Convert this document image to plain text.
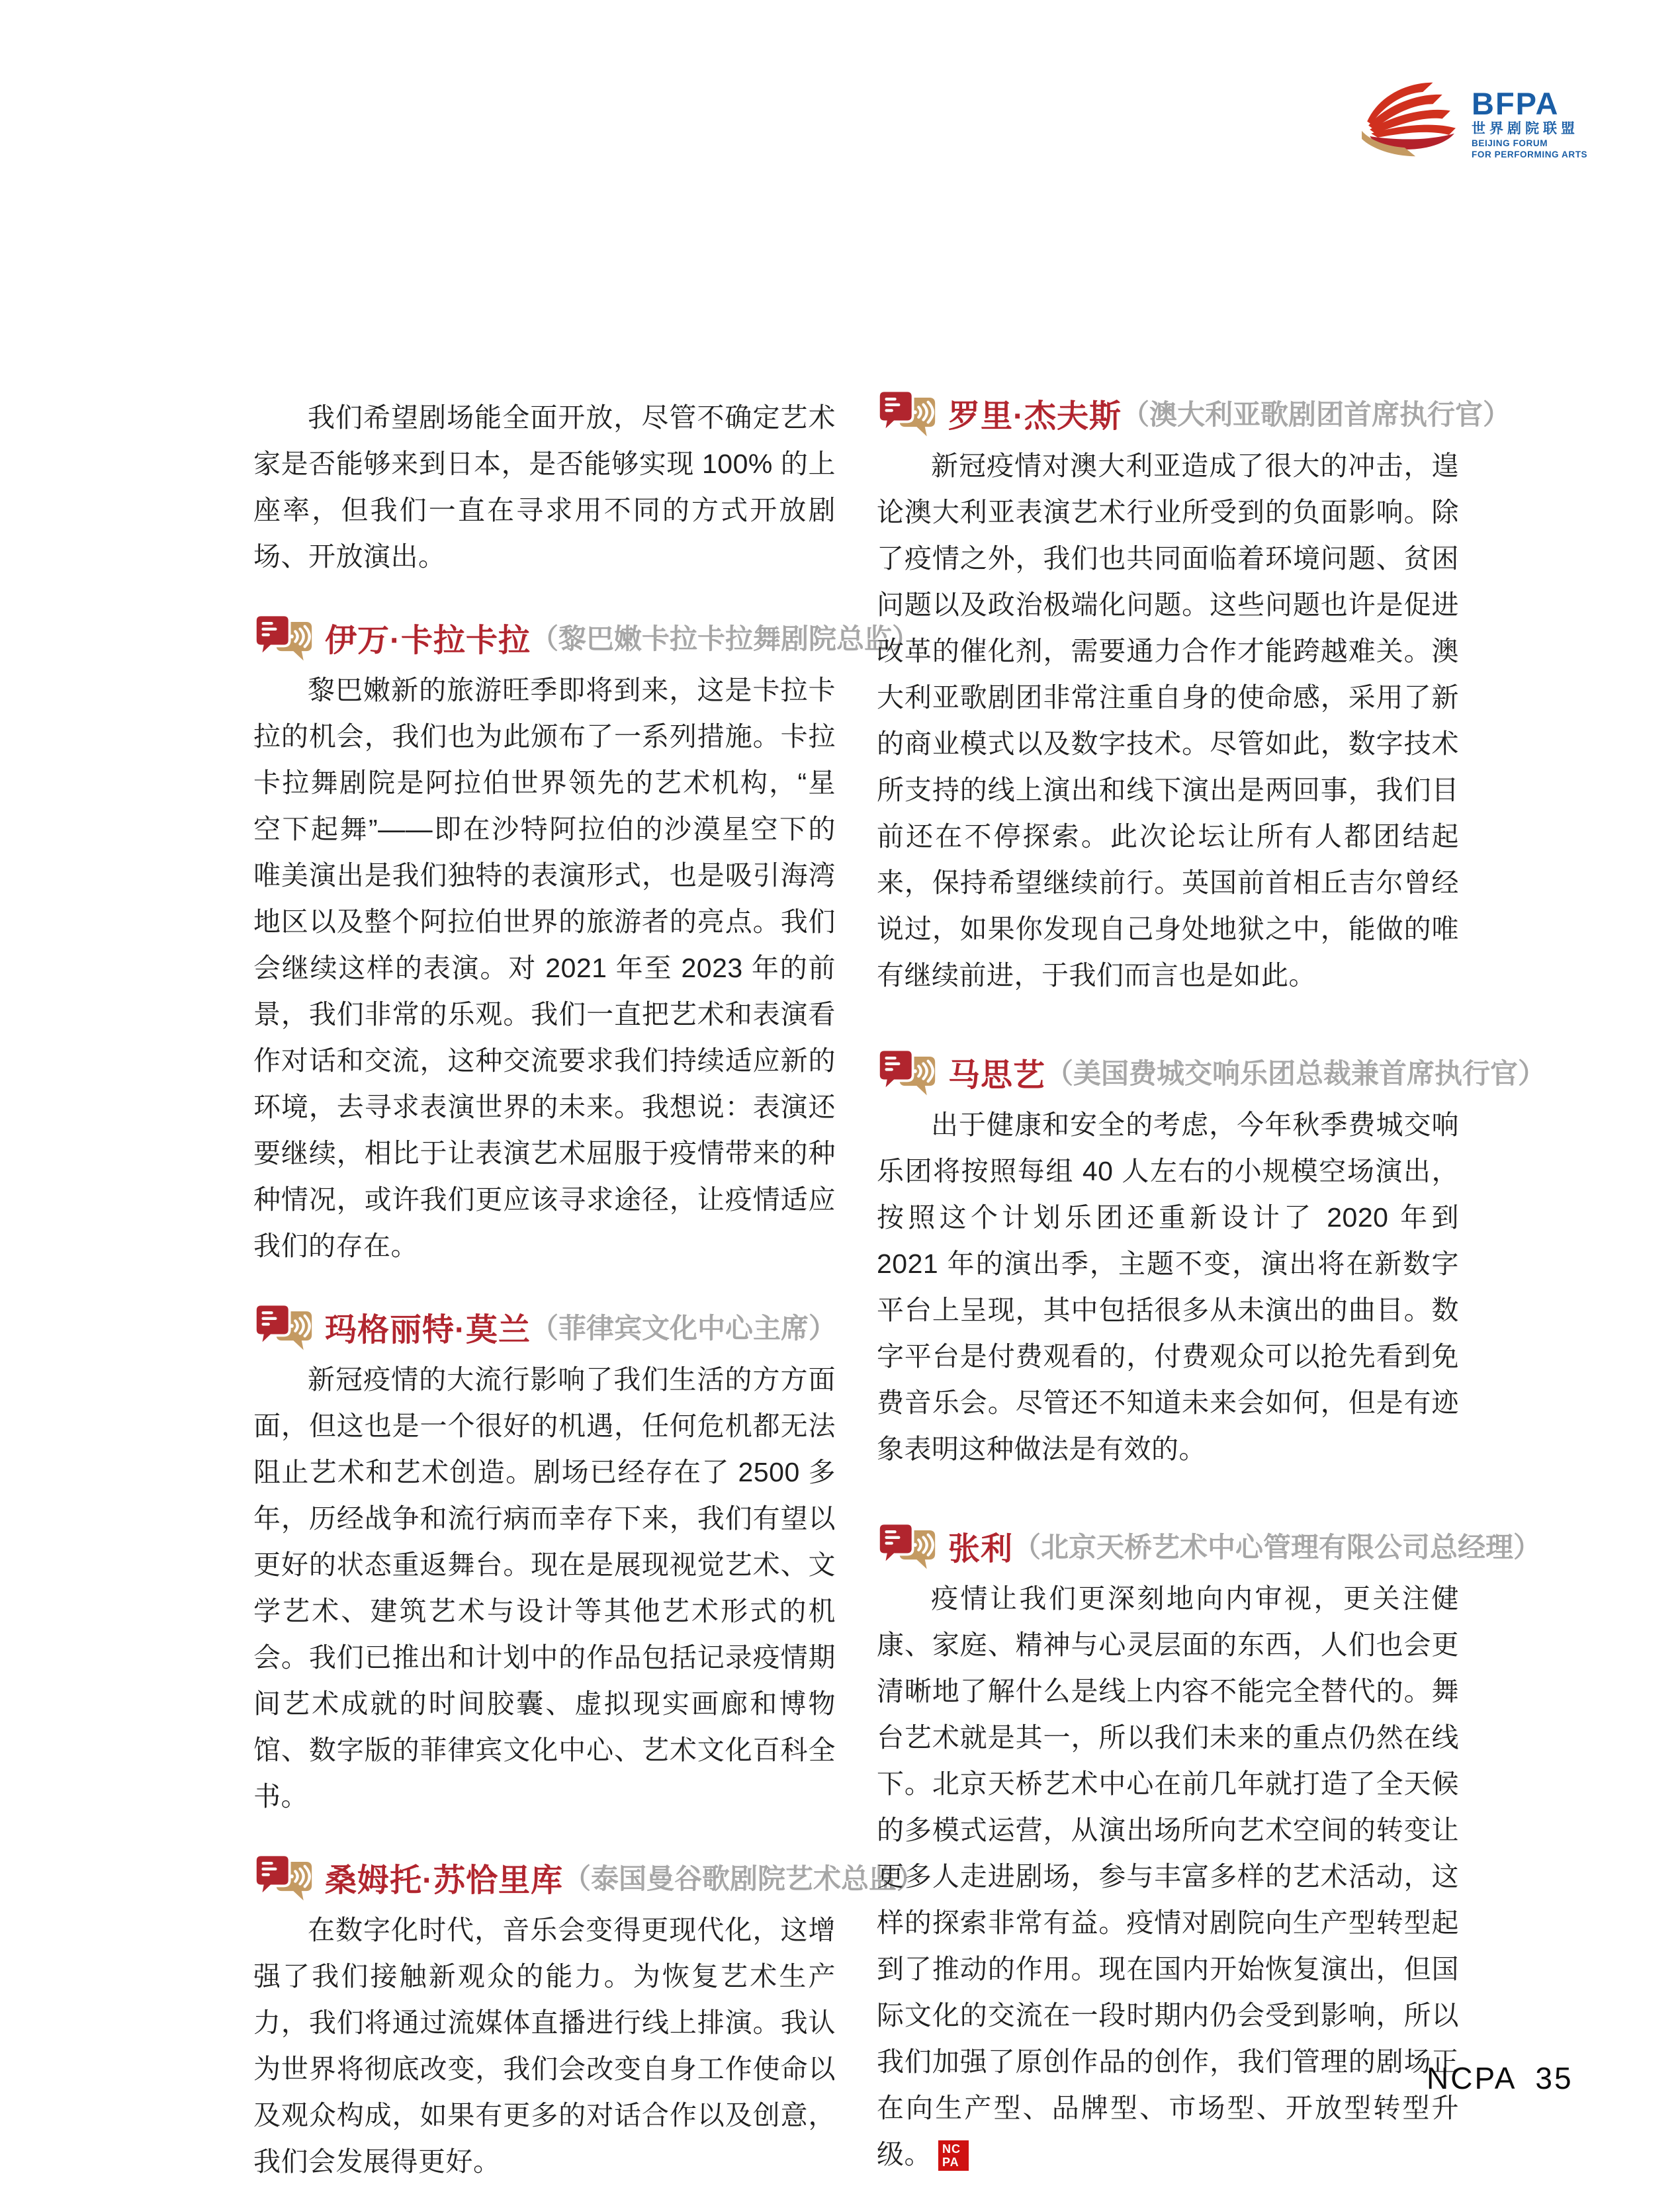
BFPA
世界剧院联盟
BEIJING FORUM
FOR PERFORMING ARTS

我们希望剧场能全面开放，尽管不确定艺术家是否能够来到日本，是否能够实现 100% 的上座率，但我们一直在寻求用不同的方式开放剧场、开放演出。

伊万·卡拉卡拉 （黎巴嫩卡拉卡拉舞剧院总监）

黎巴嫩新的旅游旺季即将到来，这是卡拉卡拉的机会，我们也为此颁布了一系列措施。卡拉卡拉舞剧院是阿拉伯世界领先的艺术机构，“星空下起舞”——即在沙特阿拉伯的沙漠星空下的唯美演出是我们独特的表演形式，也是吸引海湾地区以及整个阿拉伯世界的旅游者的亮点。我们会继续这样的表演。对 2021 年至 2023 年的前景，我们非常的乐观。我们一直把艺术和表演看作对话和交流，这种交流要求我们持续适应新的环境，去寻求表演世界的未来。我想说：表演还要继续，相比于让表演艺术屈服于疫情带来的种种情况，或许我们更应该寻求途径，让疫情适应我们的存在。

玛格丽特·莫兰 （菲律宾文化中心主席）

新冠疫情的大流行影响了我们生活的方方面面，但这也是一个很好的机遇，任何危机都无法阻止艺术和艺术创造。剧场已经存在了 2500 多年，历经战争和流行病而幸存下来，我们有望以更好的状态重返舞台。现在是展现视觉艺术、文学艺术、建筑艺术与设计等其他艺术形式的机会。我们已推出和计划中的作品包括记录疫情期间艺术成就的时间胶囊、虚拟现实画廊和博物馆、数字版的菲律宾文化中心、艺术文化百科全书。

桑姆托·苏恰里库 （泰国曼谷歌剧院艺术总监）

在数字化时代，音乐会变得更现代化，这增强了我们接触新观众的能力。为恢复艺术生产力，我们将通过流媒体直播进行线上排演。我认为世界将彻底改变，我们会改变自身工作使命以及观众构成，如果有更多的对话合作以及创意，我们会发展得更好。

罗里·杰夫斯 （澳大利亚歌剧团首席执行官）

新冠疫情对澳大利亚造成了很大的冲击，遑论澳大利亚表演艺术行业所受到的负面影响。除了疫情之外，我们也共同面临着环境问题、贫困问题以及政治极端化问题。这些问题也许是促进改革的催化剂，需要通力合作才能跨越难关。澳大利亚歌剧团非常注重自身的使命感，采用了新的商业模式以及数字技术。尽管如此，数字技术所支持的线上演出和线下演出是两回事，我们目前还在不停探索。此次论坛让所有人都团结起来，保持希望继续前行。英国前首相丘吉尔曾经说过，如果你发现自己身处地狱之中，能做的唯有继续前进，于我们而言也是如此。

马思艺 （美国费城交响乐团总裁兼首席执行官）

出于健康和安全的考虑，今年秋季费城交响乐团将按照每组 40 人左右的小规模空场演出，按照这个计划乐团还重新设计了 2020 年到 2021 年的演出季，主题不变，演出将在新数字平台上呈现，其中包括很多从未演出的曲目。数字平台是付费观看的，付费观众可以抢先看到免费音乐会。尽管还不知道未来会如何，但是有迹象表明这种做法是有效的。

张利 （北京天桥艺术中心管理有限公司总经理）

疫情让我们更深刻地向内审视，更关注健康、家庭、精神与心灵层面的东西，人们也会更清晰地了解什么是线上内容不能完全替代的。舞台艺术就是其一，所以我们未来的重点仍然在线下。北京天桥艺术中心在前几年就打造了全天候的多模式运营，从演出场所向艺术空间的转变让更多人走进剧场，参与丰富多样的艺术活动，这样的探索非常有益。疫情对剧院向生产型转型起到了推动的作用。现在国内开始恢复演出，但国际文化的交流在一段时期内仍会受到影响，所以我们加强了原创作品的创作，我们管理的剧场正在向生产型、品牌型、市场型、开放型转型升级。 NC
PA

NCPA 35
